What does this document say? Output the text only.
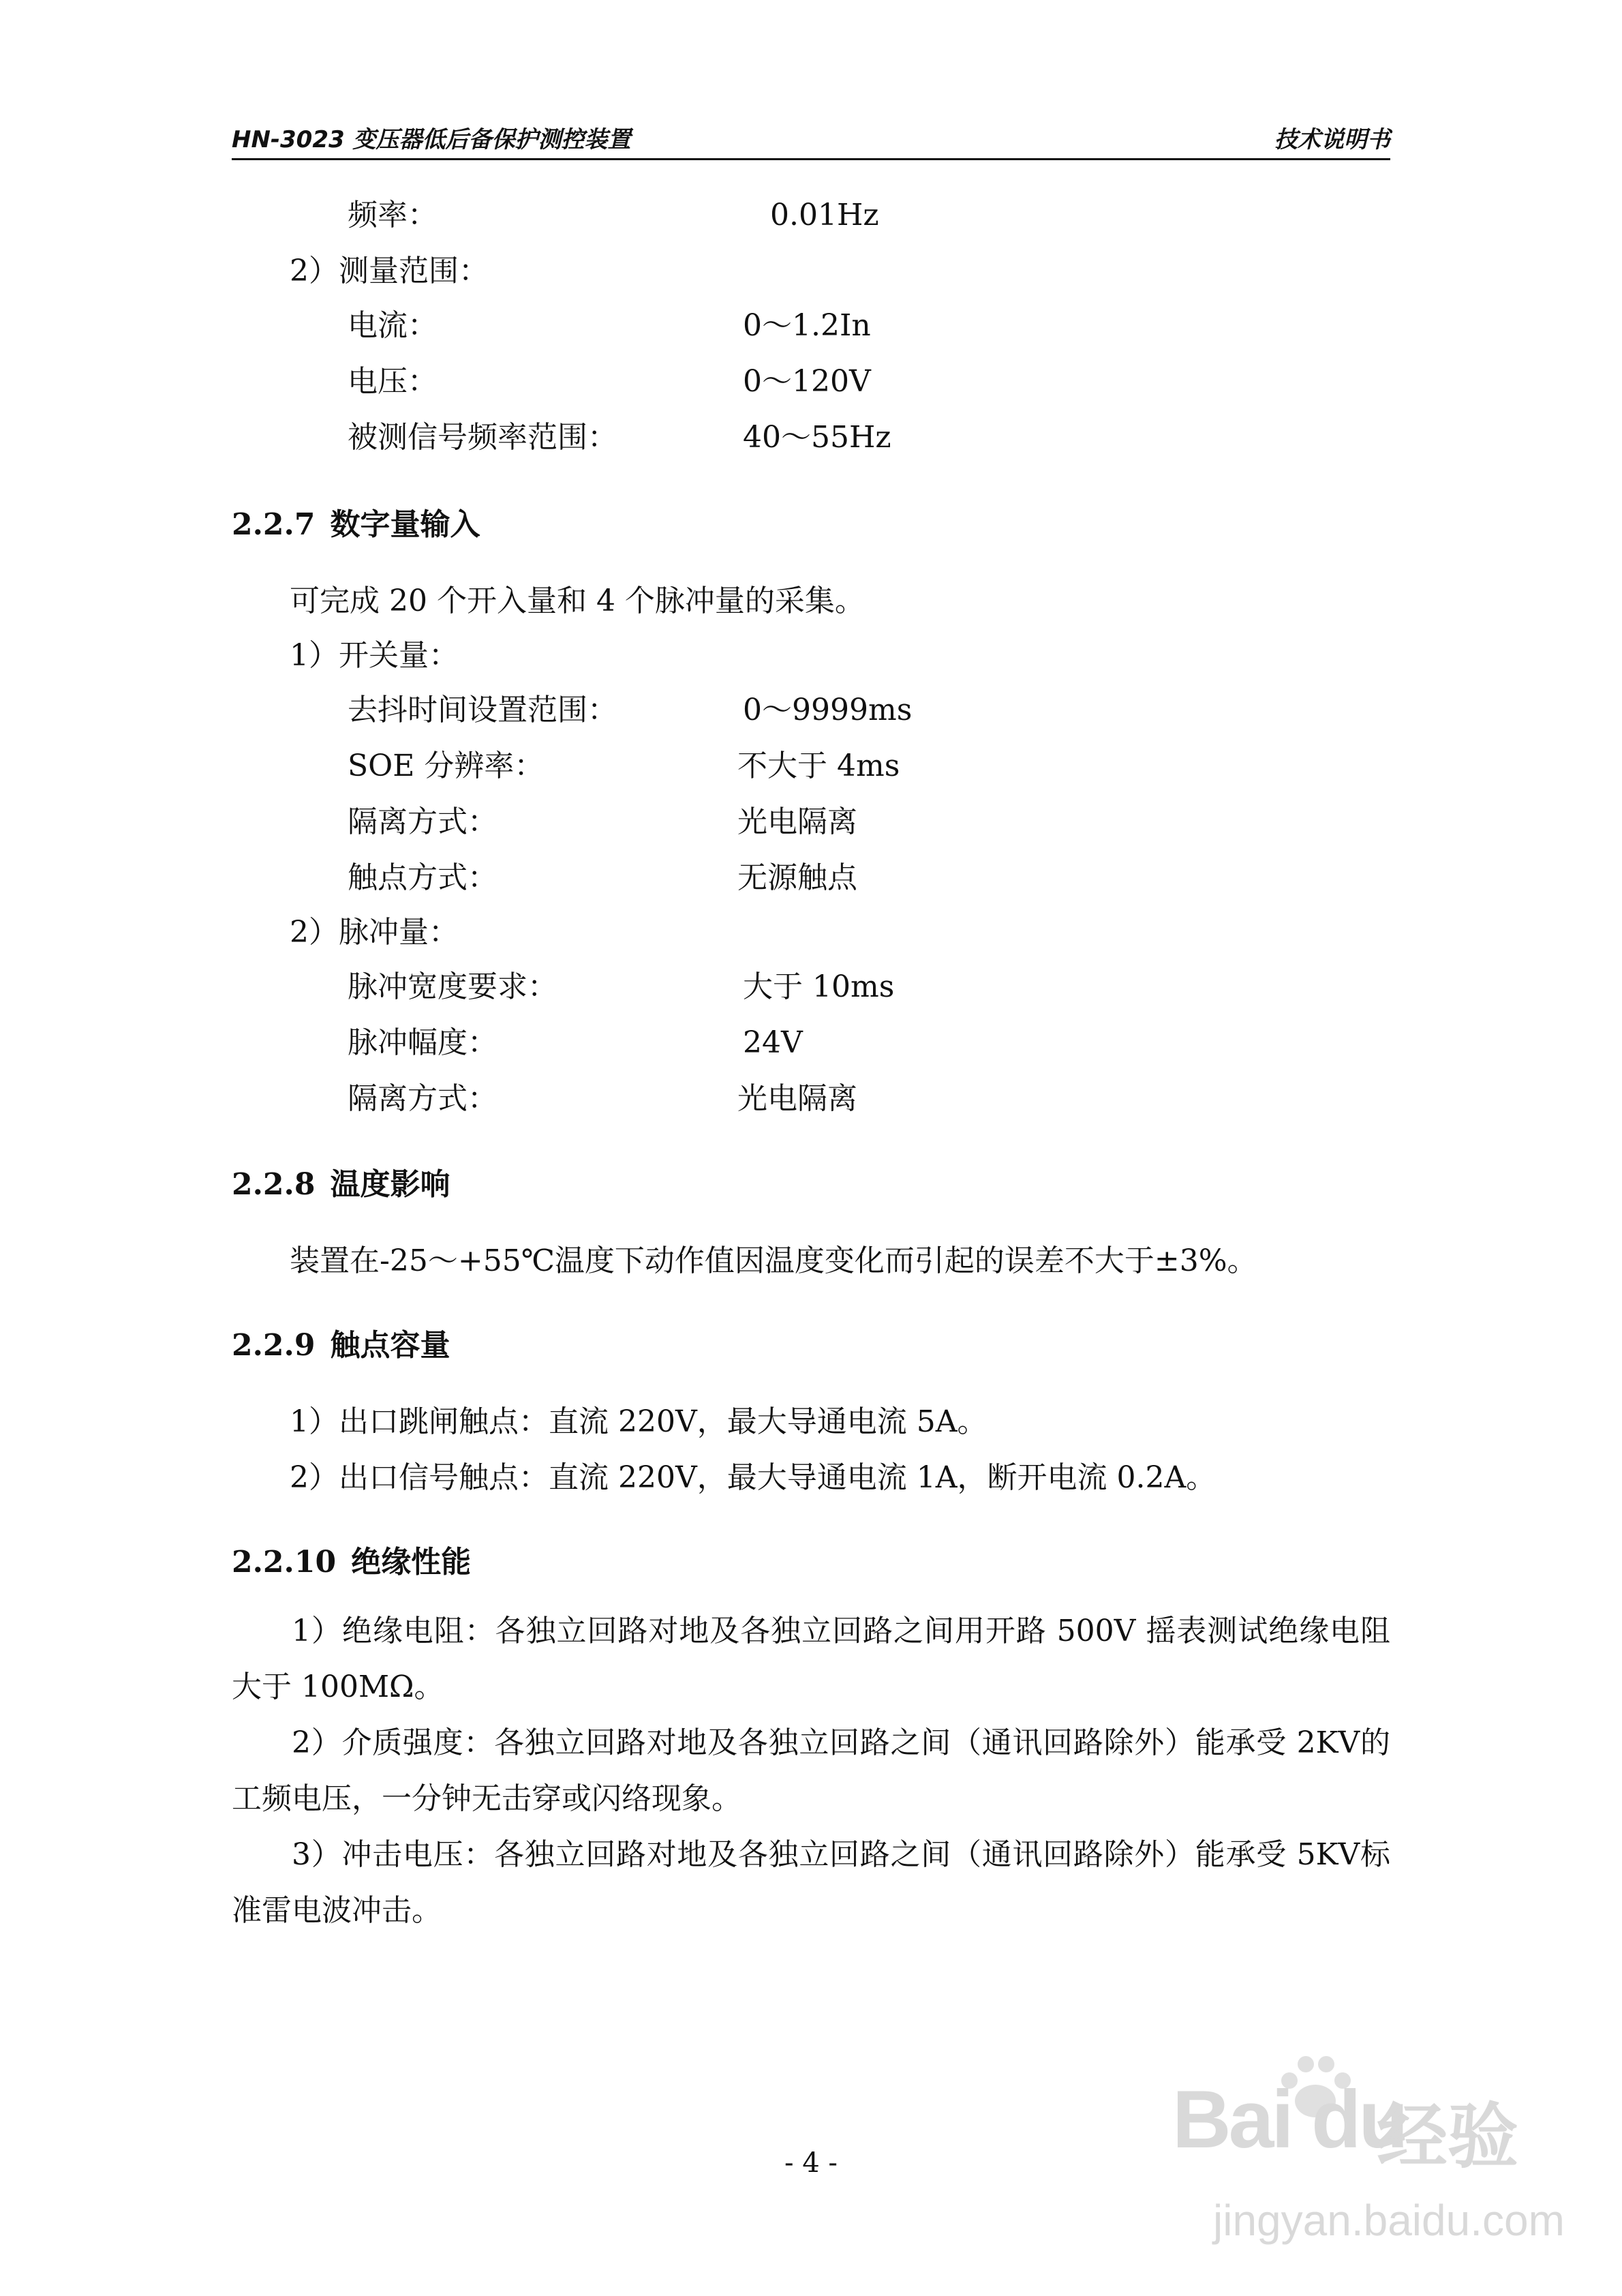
HN-3023 变压器低后备保护测控装置	技术说明书
频率：	0.01Hz
2）测量范围：
电流：	0～1.2In
电压：	0～120V
被测信号频率范围：	40～55Hz
2.2.7 数字量输入
可完成 20 个开入量和 4 个脉冲量的采集。
1）开关量：
去抖时间设置范围：	0～9999ms
SOE 分辨率：	不大于 4ms
隔离方式：	光电隔离
触点方式：	无源触点
2）脉冲量：
脉冲宽度要求：	大于 10ms
脉冲幅度：	24V
隔离方式：	光电隔离
2.2.8 温度影响
装置在-25～+55℃温度下动作值因温度变化而引起的误差不大于±3%。
2.2.9 触点容量
1）出口跳闸触点：直流 220V，最大导通电流 5A。
2）出口信号触点：直流 220V，最大导通电流 1A，断开电流 0.2A。
2.2.10 绝缘性能
1）绝缘电阻：各独立回路对地及各独立回路之间用开路 500V 摇表测试绝缘电阻大于 100MΩ。
2）介质强度：各独立回路对地及各独立回路之间（通讯回路除外）能承受 2KV的工频电压，一分钟无击穿或闪络现象。
3）冲击电压：各独立回路对地及各独立回路之间（通讯回路除外）能承受 5KV标准雷电波冲击。
- 4 -	Bai du
经验
jingyan.baidu.com
